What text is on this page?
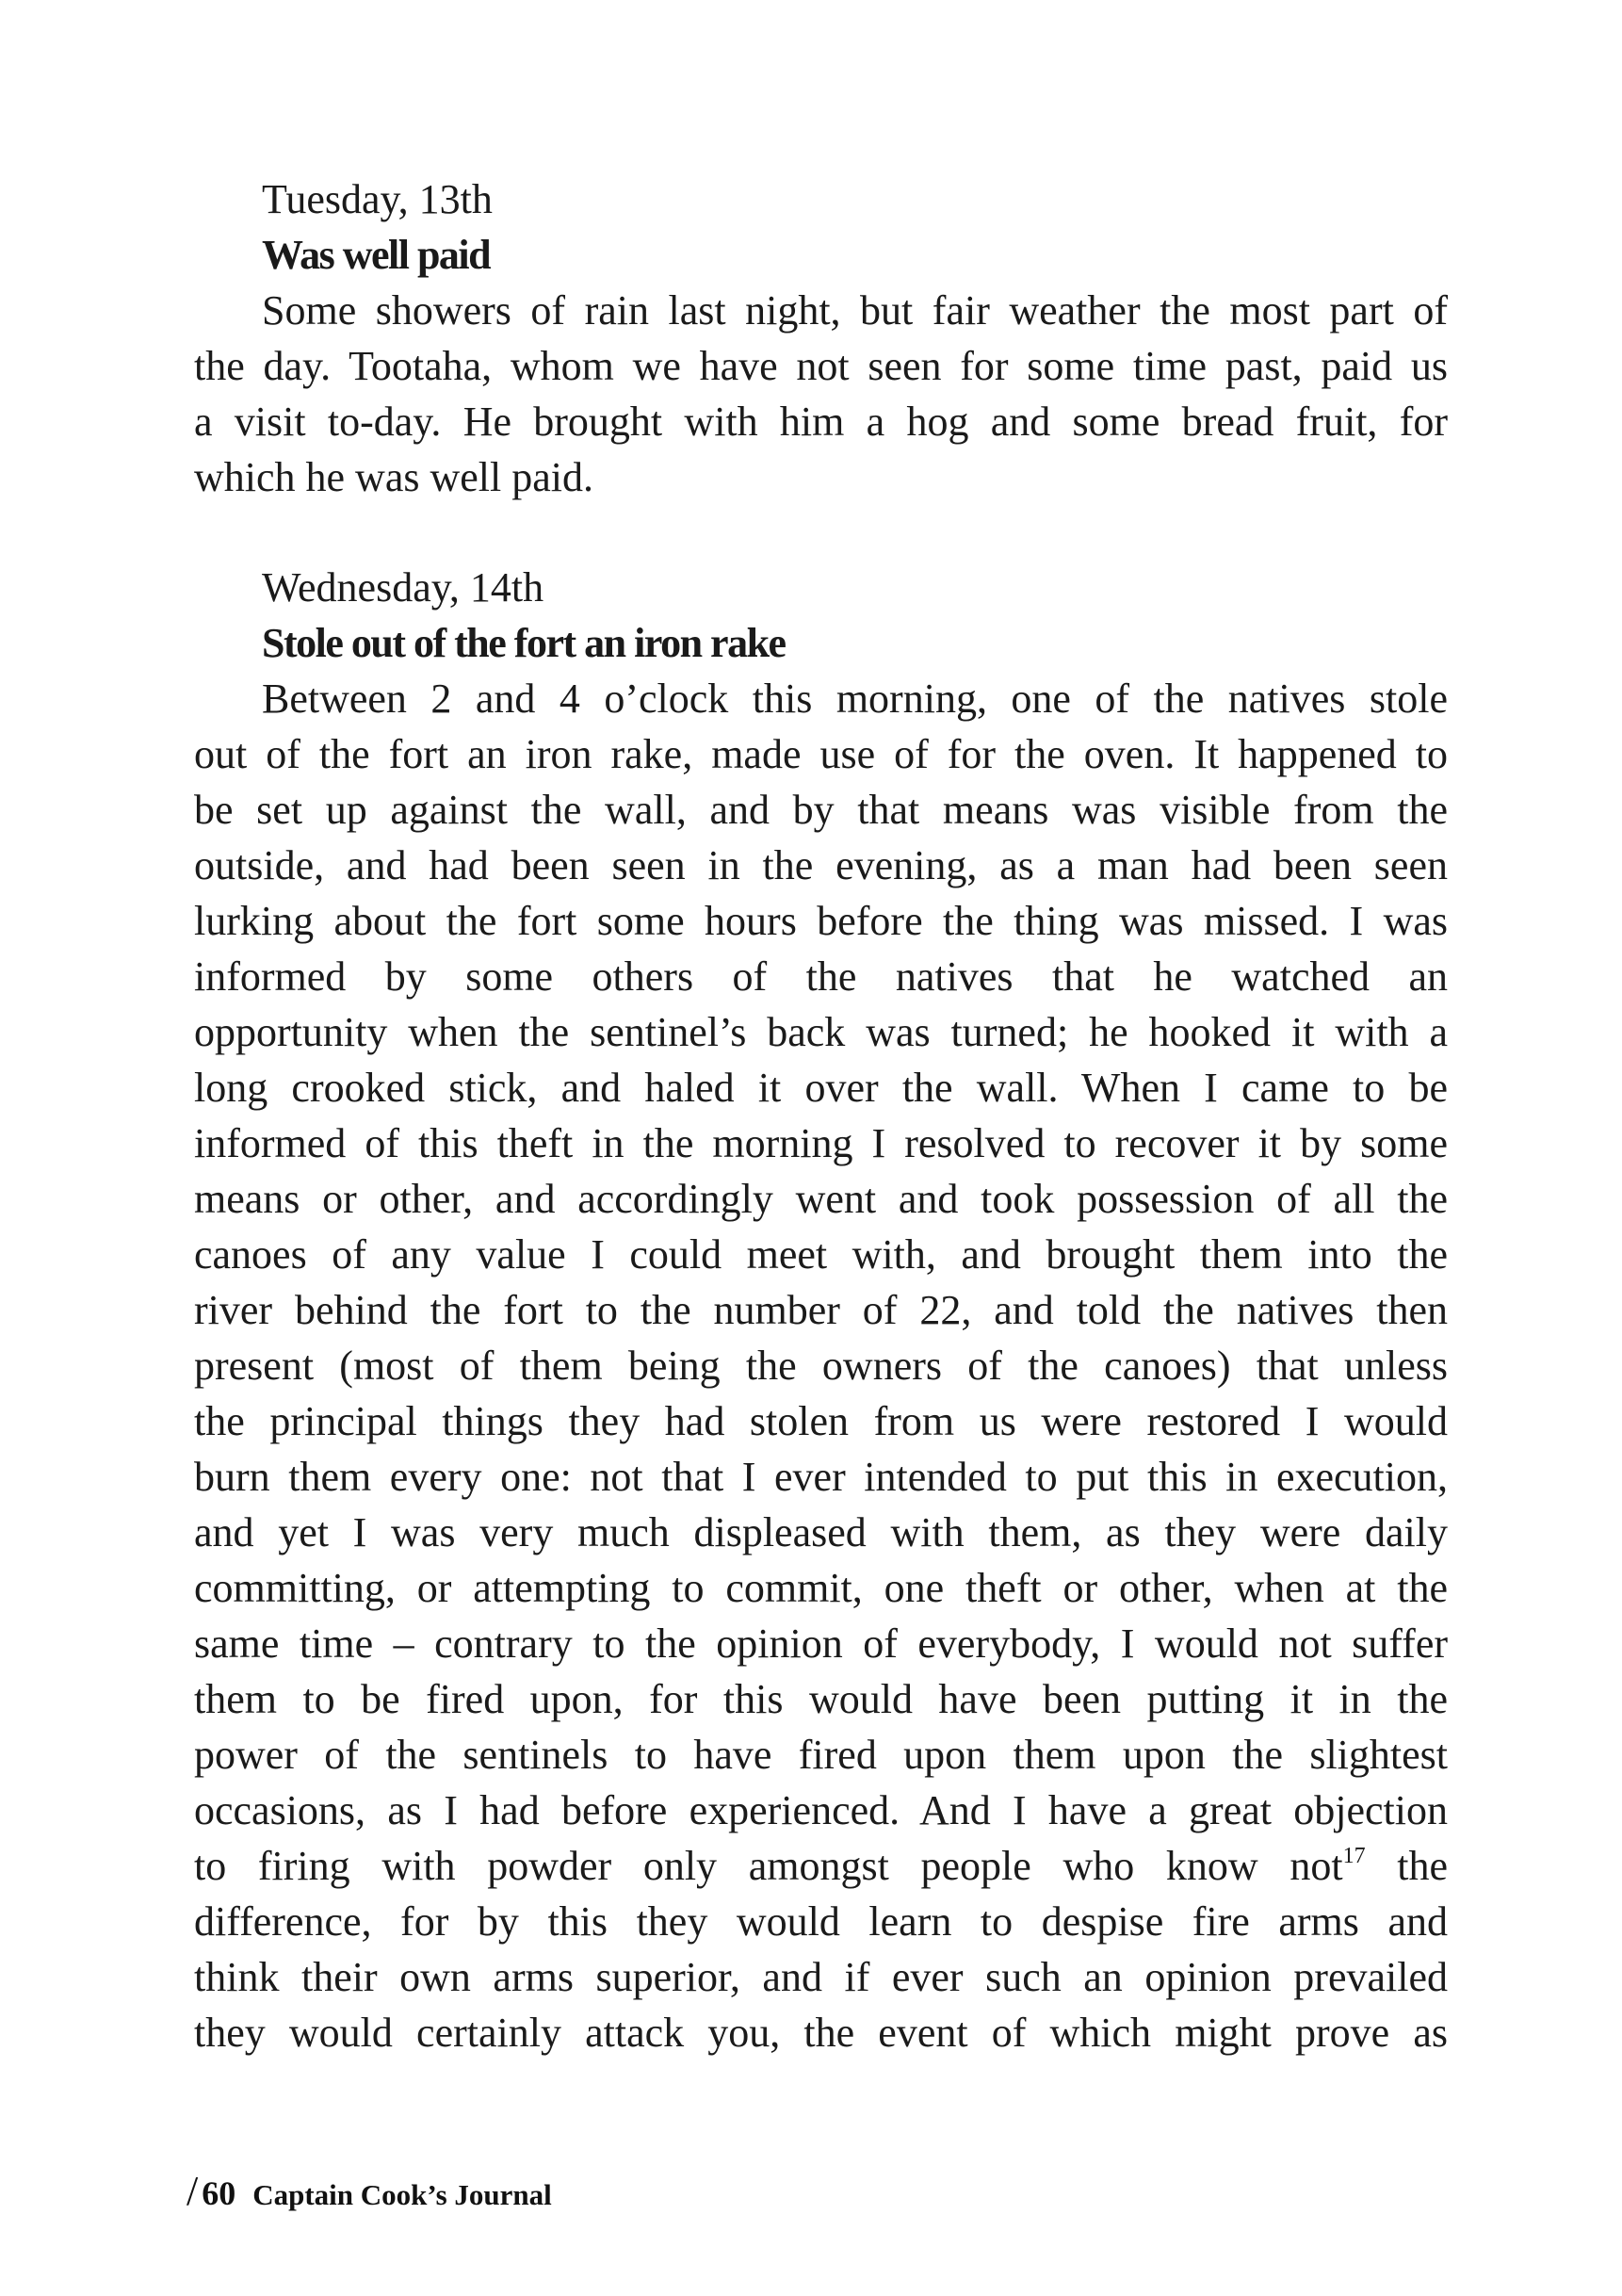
Tuesday, 13th
Was well paid
Some showers of rain last night, but fair weather the most part of
the day. Tootaha, whom we have not seen for some time past, paid us
a visit to-day. He brought with him a hog and some bread fruit, for
which he was well paid.
Wednesday, 14th
Stole out of the fort an iron rake
Between 2 and 4 o’clock this morning, one of the natives stole
out of the fort an iron rake, made use of for the oven. It happened to
be set up against the wall, and by that means was visible from the
outside, and had been seen in the evening, as a man had been seen
lurking about the fort some hours before the thing was missed. I was
informed by some others of the natives that he watched an
opportunity when the sentinel’s back was turned; he hooked it with a
long crooked stick, and haled it over the wall. When I came to be
informed of this theft in the morning I resolved to recover it by some
means or other, and accordingly went and took possession of all the
canoes of any value I could meet with, and brought them into the
river behind the fort to the number of 22, and told the natives then
present (most of them being the owners of the canoes) that unless
the principal things they had stolen from us were restored I would
burn them every one: not that I ever intended to put this in execution,
and yet I was very much displeased with them, as they were daily
committing, or attempting to commit, one theft or other, when at the
same time – contrary to the opinion of everybody, I would not suffer
them to be fired upon, for this would have been putting it in the
power of the sentinels to have fired upon them upon the slightest
occasions, as I had before experienced. And I have a great objection
to firing with powder only amongst people who know not$^{17}$ the
difference, for by this they would learn to despise fire arms and
think their own arms superior, and if ever such an opinion prevailed
they would certainly attack you, the event of which might prove as
/ 60 Captain Cook’s Journal
